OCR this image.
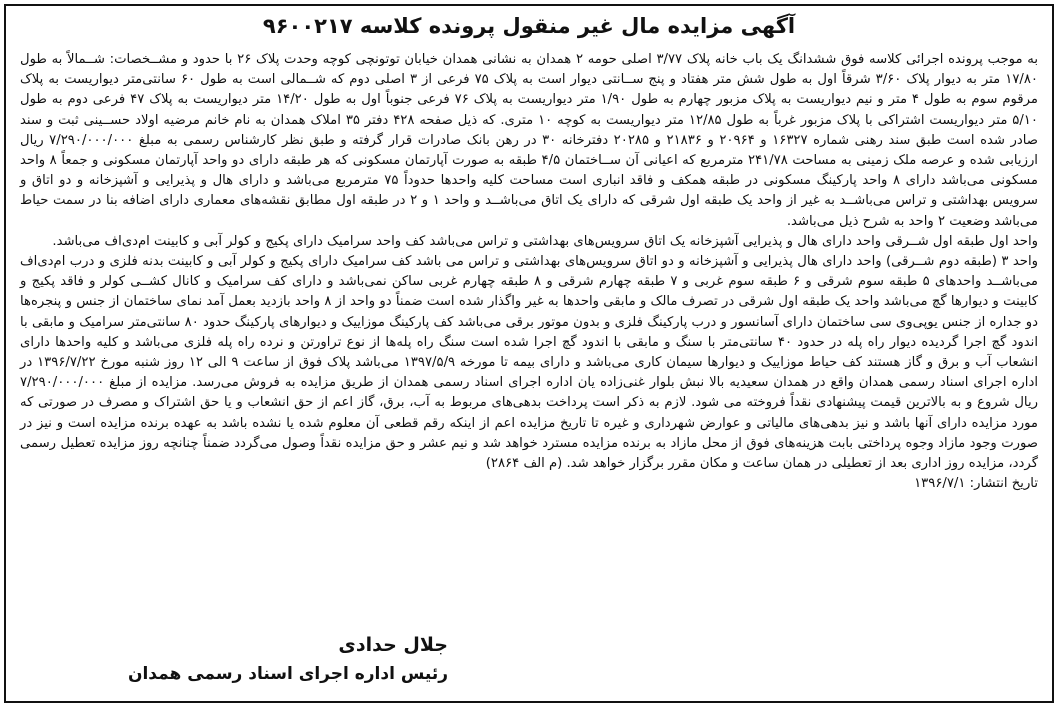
آگهی مزایده مال غیر منقول پرونده کلاسه ۹۶۰۰۲۱۷

به موجب پرونده اجرائی کلاسه فوق ششدانگ یک باب خانه پلاک ۳/۷۷ اصلی حومه ۲ همدان به نشانی همدان خیابان توتونچی کوچه وحدت پلاک ۲۶ با حدود و مشــخصات: شــمالاً به طول ۱۷/۸۰ متر به دیوار پلاک ۳/۶۰ شرقاً اول به طول شش متر هفتاد و پنج ســانتی دیوار است به پلاک ۷۵ فرعی از ۳ اصلی دوم که شــمالی است به طول ۶۰ سانتی‌متر دیواریست به پلاک مرقوم سوم به طول ۴ متر و نیم دیواریست به پلاک مزبور چهارم به طول ۱/۹۰ متر دیواریست به پلاک ۷۶ فرعی جنوباً اول به طول ۱۴/۲۰ متر دیواریست به پلاک ۴۷ فرعی دوم به طول ۵/۱۰ متر دیواریست اشتراکی با پلاک مزبور غرباً به طول ۱۲/۸۵ متر دیواریست به کوچه ۱۰ متری. که ذیل صفحه ۴۲۸ دفتر ۳۵ املاک همدان به نام خانم مرضیه اولاد حســینی ثبت و سند صادر شده است طبق سند رهنی شماره ۱۶۳۲۷ و ۲۰۹۶۴ و ۲۱۸۳۶ و ۲۰۲۸۵ دفترخانه ۳۰ در رهن بانک صادرات قرار گرفته و طبق نظر کارشناس رسمی به مبلغ ۷/۲۹۰/۰۰۰/۰۰۰ ریال ارزیابی شده و عرصه ملک زمینی به مساحت ۲۴۱/۷۸ مترمربع که اعیانی آن ســاختمان ۴/۵ طبقه به صورت آپارتمان مسکونی که هر طبقه دارای دو واحد آپارتمان مسکونی و جمعاً ۸ واحد مسکونی می‌باشد دارای ۸ واحد پارکینگ مسکونی در طبقه همکف و فاقد انباری است مساحت کلیه واحدها حدوداً ۷۵ مترمربع می‌باشد و دارای هال و پذیرایی و آشپزخانه و دو اتاق و سرویس بهداشتی و تراس می‌باشــد به غیر از واحد یک طبقه اول شرقی که دارای یک اتاق می‌باشــد و واحد ۱ و ۲ در طبقه اول مطابق نقشه‌های معماری دارای اضافه بنا در سمت حیاط می‌باشد وضعیت ۲ واحد به شرح ذیل می‌باشد.

واحد اول طبقه اول شــرقی واحد دارای هال و پذیرایی آشپزخانه یک اتاق سرویس‌های بهداشتی و تراس می‌باشد کف واحد سرامیک دارای پکیج و کولر آبی و کابینت ام‌دی‌اف می‌باشد.

واحد ۳ (طبقه دوم شــرقی) واحد دارای هال پذیرایی و آشپزخانه و دو اتاق سرویس‌های بهداشتی و تراس می باشد کف سرامیک دارای پکیج و کولر آبی و کابینت بدنه فلزی و درب ام‌دی‌اف می‌باشــد واحدهای ۵ طبقه سوم شرقی و ۶ طبقه سوم غربی و ۷ طبقه چهارم شرقی و ۸ طبقه چهارم غربی ساکن نمی‌باشد و دارای کف سرامیک و کانال کشــی کولر و فاقد پکیج و کابینت و دیوارها گچ می‌باشد واحد یک طبقه اول شرقی در تصرف مالک و مابقی واحدها به غیر واگذار شده است ضمناً دو واحد از ۸ واحد بازدید بعمل آمد نمای ساختمان از جنس و پنجره‌ها دو جداره از جنس یوپی‌وی سی ساختمان دارای آسانسور و درب پارکینگ فلزی و بدون موتور برقی می‌باشد کف پارکینگ موزاییک و دیوارهای پارکینگ حدود ۸۰ سانتی‌متر سرامیک و مابقی با اندود گچ اجرا گردیده دیوار راه پله در حدود ۴۰ سانتی‌متر با سنگ و مابقی با اندود گچ اجرا شده است سنگ راه پله‌ها از نوع تراورتن و نرده راه پله فلزی می‌باشد و کلیه واحدها دارای انشعاب آب و برق و گاز هستند کف حیاط موزاییک و دیوارها سیمان کاری می‌باشد و دارای بیمه تا مورخه ۱۳۹۷/۵/۹ می‌باشد پلاک فوق از ساعت ۹ الی ۱۲ روز شنبه مورخ ۱۳۹۶/۷/۲۲ در اداره اجرای اسناد رسمی همدان واقع در همدان سعیدیه بالا نبش بلوار غنی‌زاده یان اداره اجرای اسناد رسمی همدان از طریق مزایده به فروش می‌رسد. مزایده از مبلغ ۷/۲۹۰/۰۰۰/۰۰۰ ریال شروع و به بالاترین قیمت پیشنهادی نقداً فروخته می شود. لازم به ذکر است پرداخت بدهی‌های مربوط به آب، برق، گاز اعم از حق انشعاب و یا حق اشتراک و مصرف در صورتی که مورد مزایده دارای آنها باشد و نیز بدهی‌های مالیاتی و عوارض شهرداری و غیره تا تاریخ مزایده اعم از اینکه رقم قطعی آن معلوم شده یا نشده باشد به عهده برنده مزایده است و نیز در صورت وجود مازاد وجوه پرداختی بابت هزینه‌های فوق از محل مازاد به برنده مزایده مسترد خواهد شد و نیم عشر و حق مزایده نقداً وصول می‌گردد ضمناً چنانچه روز مزایده تعطیل رسمی گردد، مزایده روز اداری بعد از تعطیلی در همان ساعت و مکان مقرر برگزار خواهد شد. (م الف ۲۸۶۴)

تاریخ انتشار: ۱۳۹۶/۷/۱
جلال حدادی
رئیس اداره اجرای اسناد رسمی همدان
